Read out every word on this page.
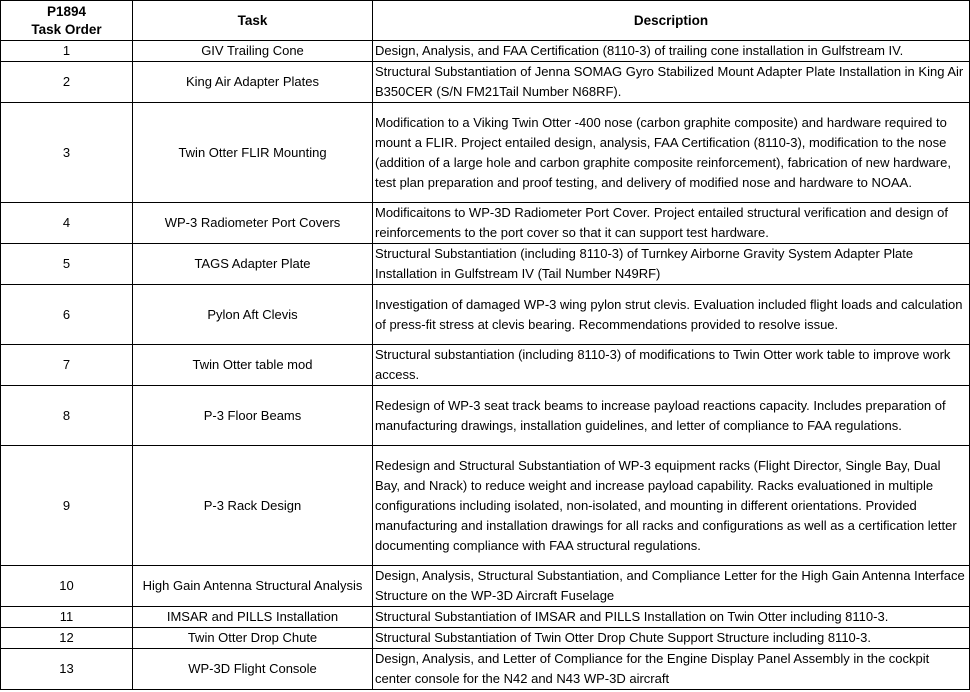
P1894
Task Order	Task	Description
1	GIV Trailing Cone	Design, Analysis, and FAA Certification (8110-3) of trailing cone installation in Gulfstream IV.
2	King Air Adapter Plates	Structural Substantiation of Jenna SOMAG Gyro Stabilized Mount Adapter Plate Installation in King Air B350CER (S/N FM21Tail Number N68RF).
3	Twin Otter FLIR Mounting	Modification to a Viking Twin Otter -400 nose (carbon graphite composite) and hardware required to mount a FLIR. Project entailed design, analysis, FAA Certification (8110-3), modification to the nose (addition of a large hole and carbon graphite composite reinforcement), fabrication of new hardware, test plan preparation and proof testing, and delivery of modified nose and hardware to NOAA.
4	WP-3 Radiometer Port Covers	Modificaitons to WP-3D Radiometer Port Cover. Project entailed structural verification and design of reinforcements to the port cover so that it can support test hardware.
5	TAGS Adapter Plate	Structural Substantiation (including 8110-3) of Turnkey Airborne Gravity System Adapter Plate Installation in Gulfstream IV (Tail Number N49RF)
6	Pylon Aft Clevis	Investigation of damaged WP-3 wing pylon strut clevis. Evaluation included flight loads and calculation of press-fit stress at clevis bearing. Recommendations provided to resolve issue.
7	Twin Otter table mod	Structural substantiation (including 8110-3) of modifications to Twin Otter work table to improve work access.
8	P-3 Floor Beams	Redesign of WP-3 seat track beams to increase payload reactions capacity. Includes preparation of manufacturing drawings, installation guidelines, and letter of compliance to FAA regulations.
9	P-3 Rack Design	Redesign and Structural Substantiation of WP-3 equipment racks (Flight Director, Single Bay, Dual Bay, and Nrack) to reduce weight and increase payload capability. Racks evaluationed in multiple configurations including isolated, non-isolated, and mounting in different orientations. Provided manufacturing and installation drawings for all racks and configurations as well as a certification letter documenting compliance with FAA structural regulations.
10	High Gain Antenna Structural Analysis	Design, Analysis, Structural Substantiation, and Compliance Letter for the High Gain Antenna Interface Structure on the WP-3D Aircraft Fuselage
11	IMSAR and PILLS Installation	Structural Substantiation of IMSAR and PILLS Installation on Twin Otter including 8110-3.
12	Twin Otter Drop Chute	Structural Substantiation of Twin Otter Drop Chute Support Structure including 8110-3.
13	WP-3D Flight Console	Design, Analysis, and Letter of Compliance for the Engine Display Panel Assembly in the cockpit center console for the N42 and N43 WP-3D aircraft
